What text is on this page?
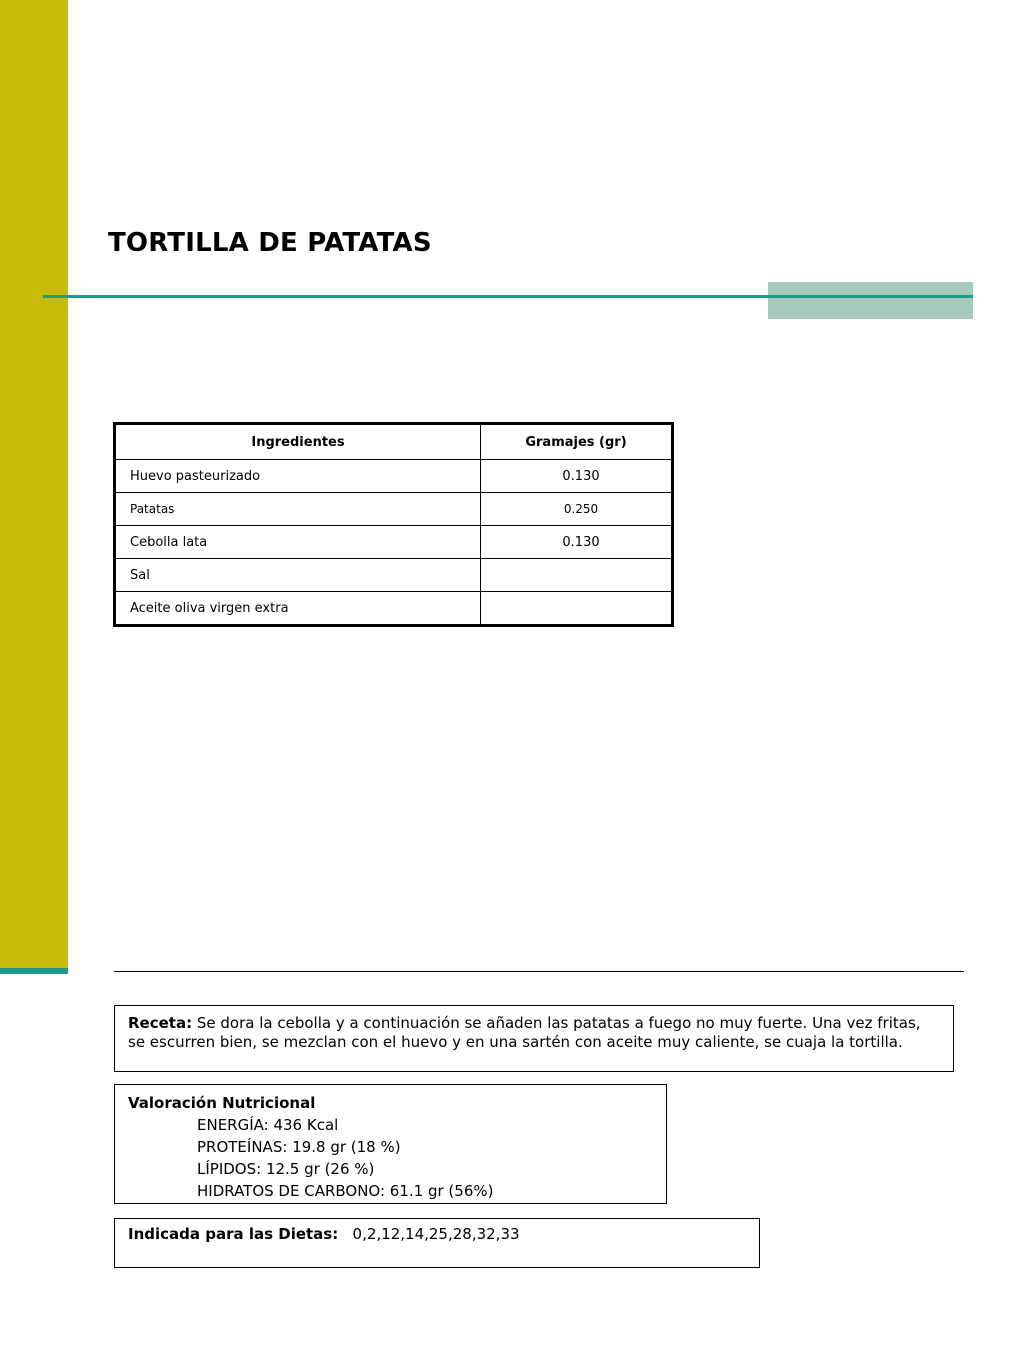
TORTILLA DE PATATAS
Ingredientes	Gramajes (gr)
Huevo pasteurizado	0.130
Patatas	0.250
Cebolla lata	0.130
Sal	
Aceite oliva virgen extra	
Receta: Se dora la cebolla y a continuación se añaden las patatas a fuego no muy fuerte. Una vez fritas, se escurren bien, se mezclan con el huevo y en una sartén con aceite muy caliente, se cuaja la tortilla.
Valoración Nutricional
ENERGÍA: 436 Kcal
PROTEÍNAS: 19.8 gr (18 %)
LÍPIDOS: 12.5 gr (26 %)
HIDRATOS DE CARBONO: 61.1 gr (56%)
Indicada para las Dietas: 0,2,12,14,25,28,32,33
